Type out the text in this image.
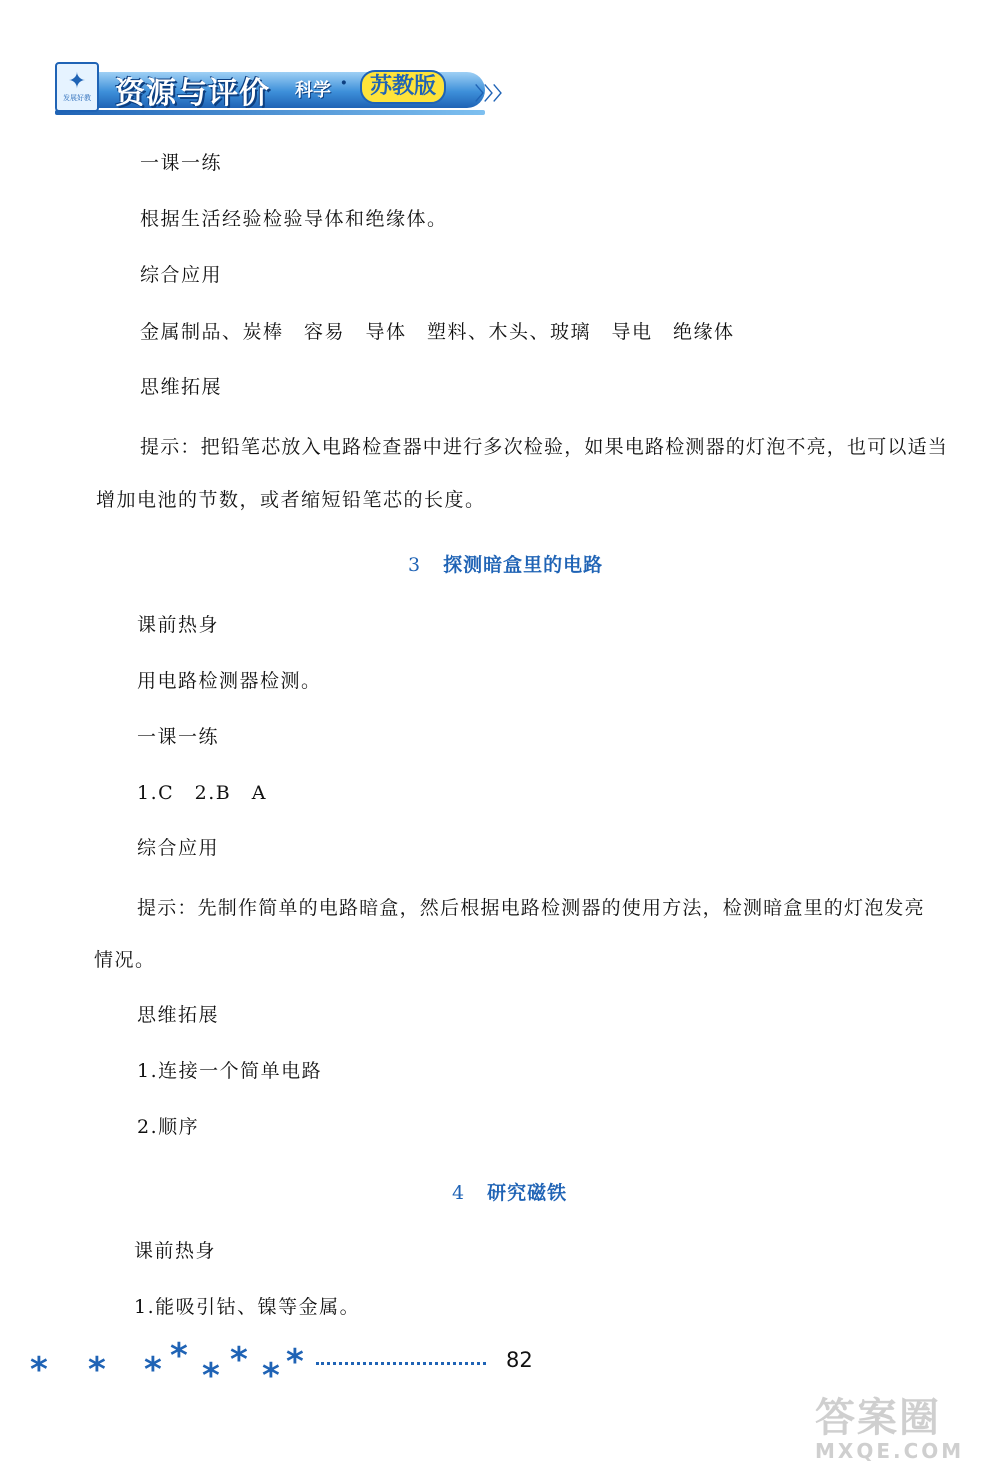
✦
发展好教 资源与评价 科学 ·	苏教版	〉〉〉
一课一练
根据生活经验检验导体和绝缘体。
综合应用
金属制品、炭棒　容易　导体　塑料、木头、玻璃　导电　绝缘体
思维拓展
提示：把铅笔芯放入电路检查器中进行多次检验，如果电路检测器的灯泡不亮，也可以适当
增加电池的节数，或者缩短铅笔芯的长度。
3 探测暗盒里的电路
课前热身
用电路检测器检测。
一课一练
1.C　2.B　A
综合应用
提示：先制作简单的电路暗盒，然后根据电路检测器的使用方法，检测暗盒里的灯泡发亮
情况。
思维拓展
1.连接一个简单电路
2.顺序
4 研究磁铁
课前热身
1.能吸引钴、镍等金属。
* * * * * * * *	82
答案圈
MXQE.COM
